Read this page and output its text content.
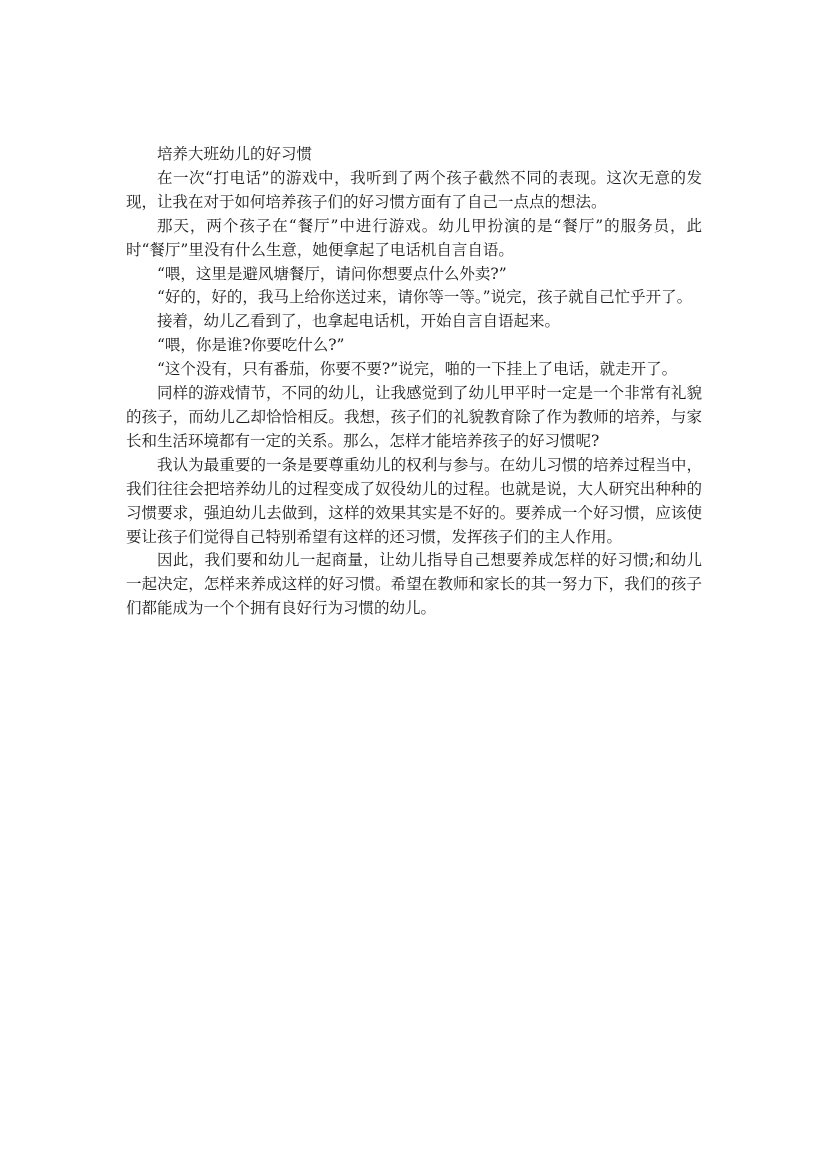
培养大班幼儿的好习惯

在一次“打电话”的游戏中，我听到了两个孩子截然不同的表现。这次无意的发现，让我在对于如何培养孩子们的好习惯方面有了自己一点点的想法。

那天，两个孩子在“餐厅”中进行游戏。幼儿甲扮演的是“餐厅”的服务员，此时“餐厅”里没有什么生意，她便拿起了电话机自言自语。

“喂，这里是避风塘餐厅，请问你想要点什么外卖?”

“好的，好的，我马上给你送过来，请你等一等。”说完，孩子就自己忙乎开了。

接着，幼儿乙看到了，也拿起电话机，开始自言自语起来。

“喂，你是谁?你要吃什么?”

“这个没有，只有番茄，你要不要?”说完，啪的一下挂上了电话，就走开了。

同样的游戏情节，不同的幼儿，让我感觉到了幼儿甲平时一定是一个非常有礼貌的孩子，而幼儿乙却恰恰相反。我想，孩子们的礼貌教育除了作为教师的培养，与家长和生活环境都有一定的关系。那么，怎样才能培养孩子的好习惯呢?

我认为最重要的一条是要尊重幼儿的权利与参与。在幼儿习惯的培养过程当中，我们往往会把培养幼儿的过程变成了奴役幼儿的过程。也就是说，大人研究出种种的习惯要求，强迫幼儿去做到，这样的效果其实是不好的。要养成一个好习惯，应该使要让孩子们觉得自己特别希望有这样的还习惯，发挥孩子们的主人作用。

因此，我们要和幼儿一起商量，让幼儿指导自己想要养成怎样的好习惯;和幼儿一起决定，怎样来养成这样的好习惯。希望在教师和家长的其一努力下，我们的孩子们都能成为一个个拥有良好行为习惯的幼儿。
